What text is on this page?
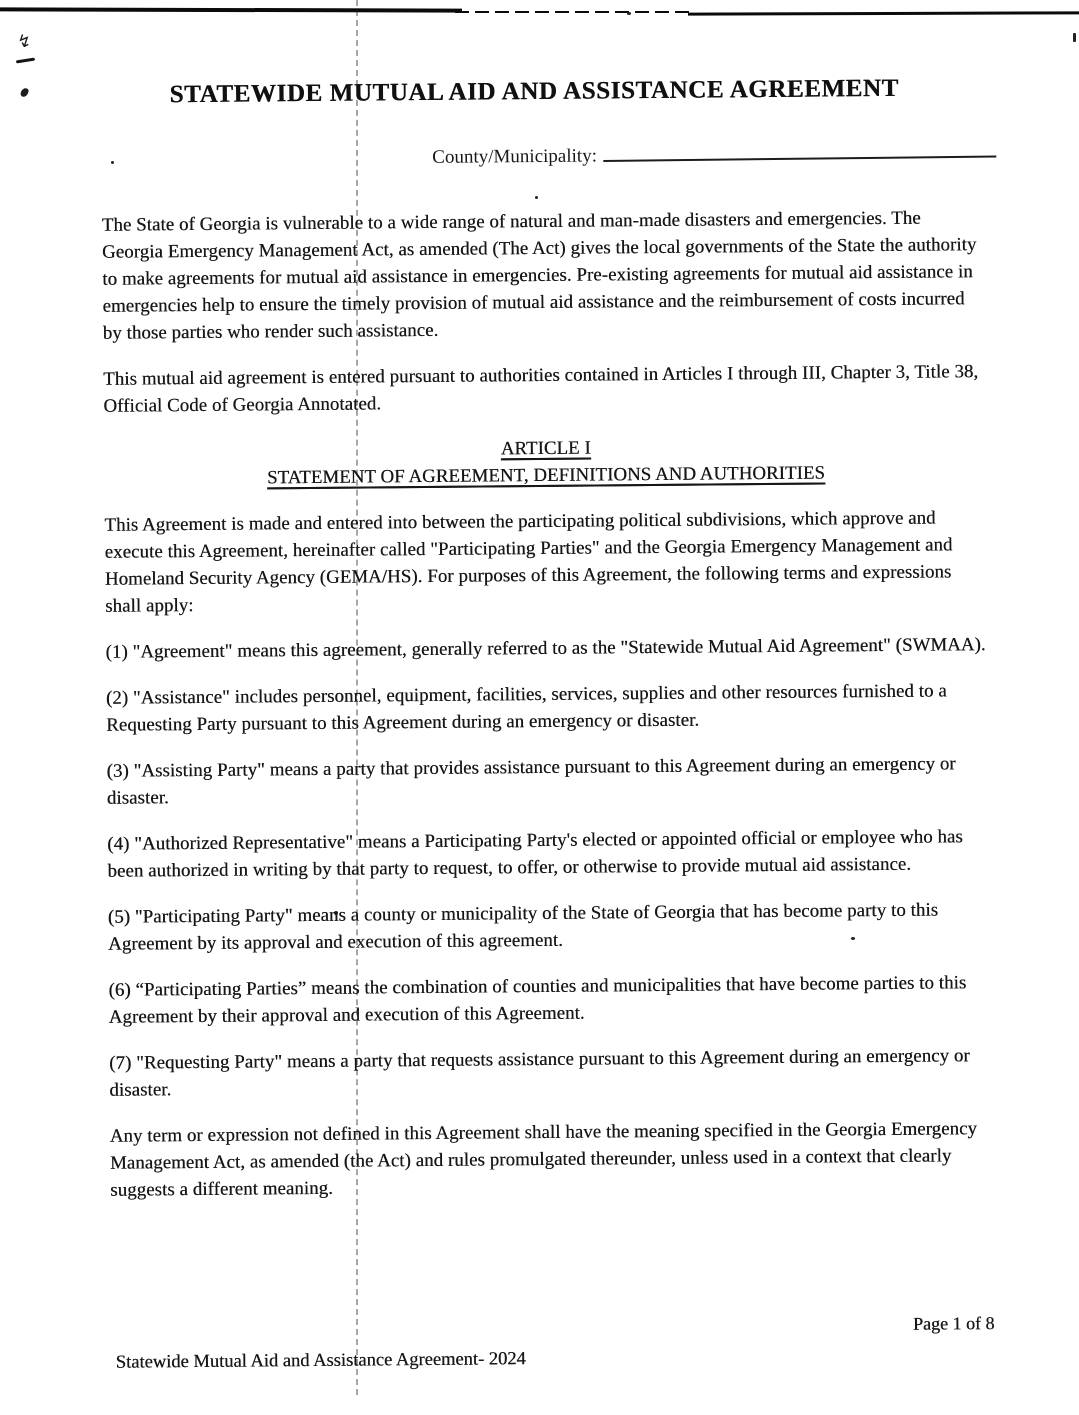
↯
STATEWIDE MUTUAL AID AND ASSISTANCE AGREEMENT
County/Municipality:

The State of Georgia is vulnerable to a wide range of natural and man-made disasters and emergencies. The Georgia Emergency Management Act, as amended (The Act) gives the local governments of the State the authority to make agreements for mutual aid assistance in emergencies. Pre-existing agreements for mutual aid assistance in emergencies help to ensure the timely provision of mutual aid assistance and the reimbursement of costs incurred by those parties who render such assistance.

This mutual aid agreement is entered pursuant to authorities contained in Articles I through III, Chapter 3, Title 38, Official Code of Georgia Annotated.

ARTICLE I
STATEMENT OF AGREEMENT, DEFINITIONS AND AUTHORITIES

This Agreement is made and entered into between the participating political subdivisions, which approve and execute this Agreement, hereinafter called "Participating Parties" and the Georgia Emergency Management and Homeland Security Agency (GEMA/HS). For purposes of this Agreement, the following terms and expressions shall apply:

(1) "Agreement" means this agreement, generally referred to as the "Statewide Mutual Aid Agreement" (SWMAA).

(2) "Assistance" includes personnel, equipment, facilities, services, supplies and other resources furnished to a Requesting Party pursuant to this Agreement during an emergency or disaster.

(3) "Assisting Party" means a party that provides assistance pursuant to this Agreement during an emergency or disaster.

(4) "Authorized Representative" means a Participating Party's elected or appointed official or employee who has been authorized in writing by that party to request, to offer, or otherwise to provide mutual aid assistance.

(5) "Participating Party" means a county or municipality of the State of Georgia that has become party to this Agreement by its approval and execution of this agreement.

(6) “Participating Parties” means the combination of counties and municipalities that have become parties to this Agreement by their approval and execution of this Agreement.

(7) "Requesting Party" means a party that requests assistance pursuant to this Agreement during an emergency or disaster.

Any term or expression not defined in this Agreement shall have the meaning specified in the Georgia Emergency Management Act, as amended (the Act) and rules promulgated thereunder, unless used in a context that clearly suggests a different meaning.

Page 1 of 8
Statewide Mutual Aid and Assistance Agreement- 2024
